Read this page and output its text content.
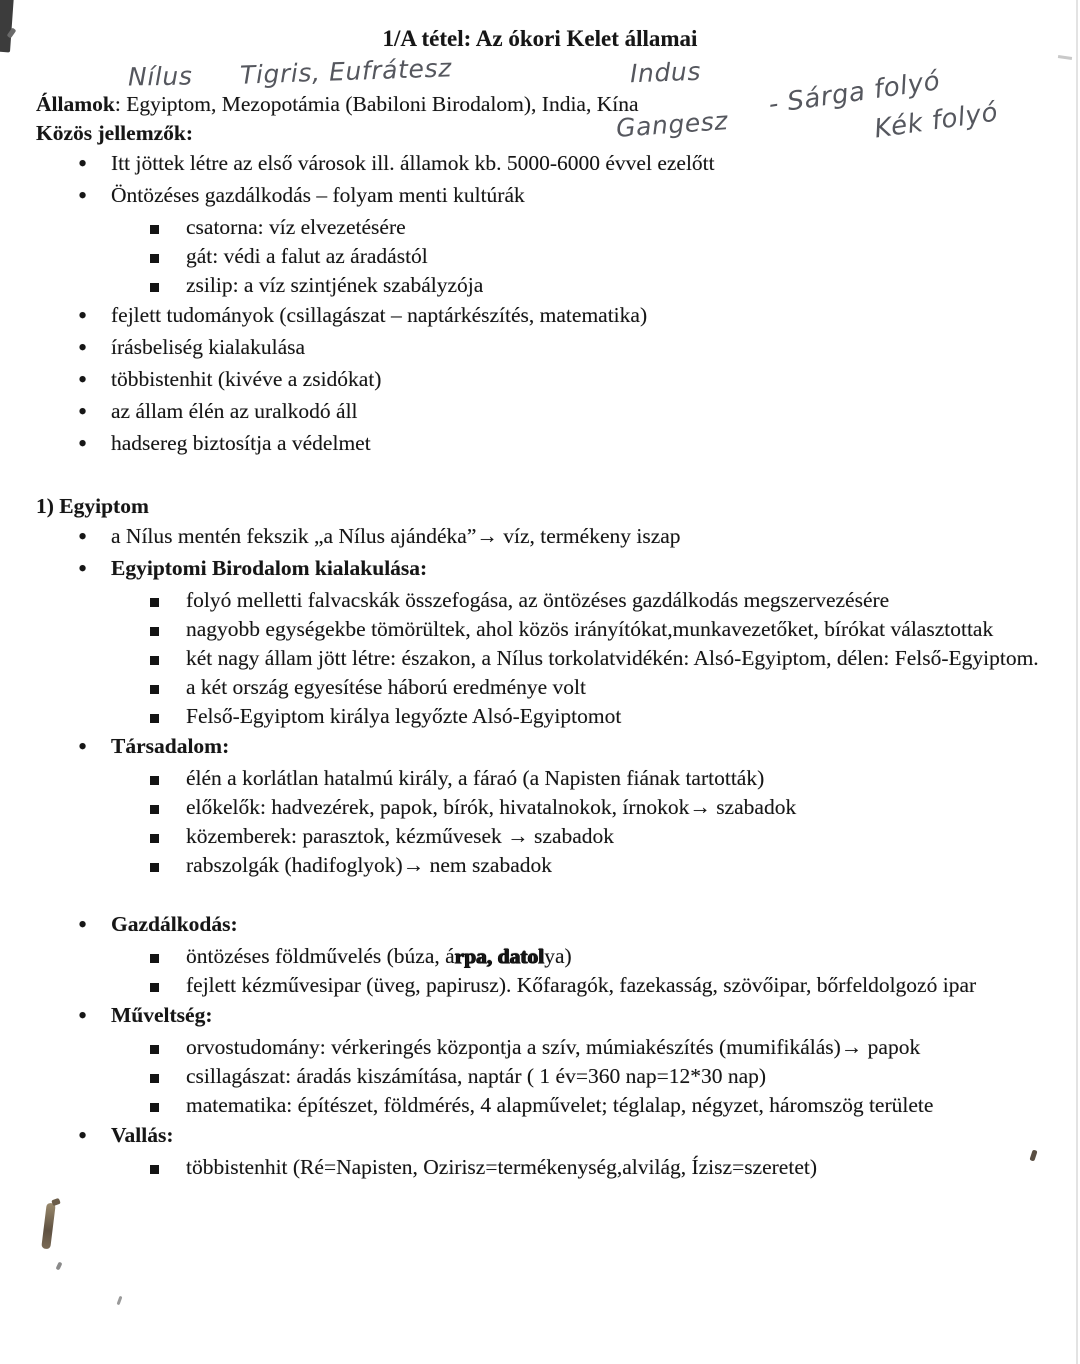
Nílus Tigris, Eufrátesz	Indus	- Sárga folyó
Gangesz	Kék folyó
1/A tétel: Az ókori Kelet államai

Államok: Egyiptom, Mezopotámia (Babiloni Birodalom), India, Kína

Közös jellemzők:

•
Itt jöttek létre az első városok ill. államok kb. 5000-6000 évvel ezelőtt
•
Öntözéses gazdálkodás – folyam menti kultúrák
csatorna: víz elvezetésére
gát: védi a falut az áradástól
zsilip: a víz szintjének szabályzója
•
fejlett tudományok (csillagászat – naptárkészítés, matematika)
•
írásbeliség kialakulása
•
többistenhit (kivéve a zsidókat)
•
az állam élén az uralkodó áll
•
hadsereg biztosítja a védelmet

1) Egyiptom

•
a Nílus mentén fekszik „a Nílus ajándéka”→ víz, termékeny iszap
•
Egyiptomi Birodalom kialakulása:
folyó melletti falvacskák összefogása, az öntözéses gazdálkodás megszervezésére
nagyobb egységekbe tömörültek, ahol közös irányítókat,munkavezetőket, bírókat választottak
két nagy állam jött létre: északon, a Nílus torkolatvidékén: Alsó-Egyiptom, délen: Felső-Egyiptom.
a két ország egyesítése háború eredménye volt
Felső-Egyiptom királya legyőzte Alsó-Egyiptomot
•
Társadalom:
élén a korlátlan hatalmú király, a fáraó (a Napisten fiának tartották)
előkelők: hadvezérek, papok, bírók, hivatalnokok, írnokok→ szabadok
közemberek: parasztok, kézművesek → szabadok
rabszolgák (hadifoglyok)→ nem szabadok
•
Gazdálkodás:
öntözéses földművelés (búza, árpa, datolya)
fejlett kézművesipar (üveg, papirusz). Kőfaragók, fazekasság, szövőipar, bőrfeldolgozó ipar
•
Műveltség:
orvostudomány: vérkeringés központja a szív, múmiakészítés (mumifikálás)→ papok
csillagászat: áradás kiszámítása, naptár ( 1 év=360 nap=12*30 nap)
matematika: építészet, földmérés, 4 alapművelet; téglalap, négyzet, háromszög területe
•
Vallás:
többistenhit (Ré=Napisten, Ozirisz=termékenység,alvilág, Ízisz=szeretet)
